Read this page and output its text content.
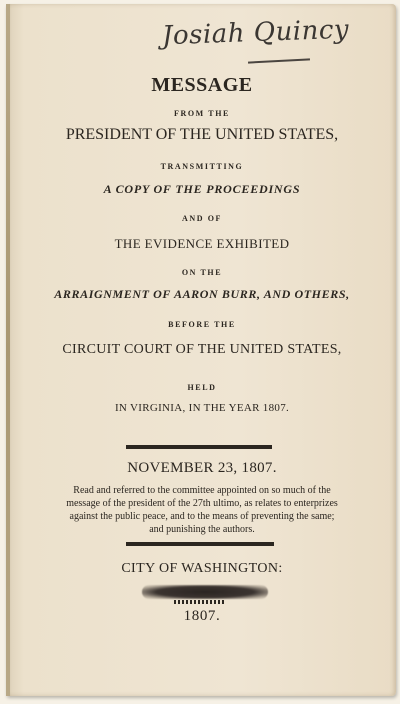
Josiah Quincy
MESSAGE
FROM THE
PRESIDENT OF THE UNITED STATES,
TRANSMITTING
A COPY OF THE PROCEEDINGS
AND OF
THE EVIDENCE EXHIBITED
ON THE
ARRAIGNMENT OF AARON BURR, AND OTHERS,
BEFORE THE
CIRCUIT COURT OF THE UNITED STATES,
HELD
IN VIRGINIA, IN THE YEAR 1807.
NOVEMBER 23, 1807.
Read and referred to the committee appointed on so much of the message of the president of the 27th ultimo, as relates to enterprizes against the public peace, and to the means of preventing the same; and punishing the authors.
CITY OF WASHINGTON:
1807.
